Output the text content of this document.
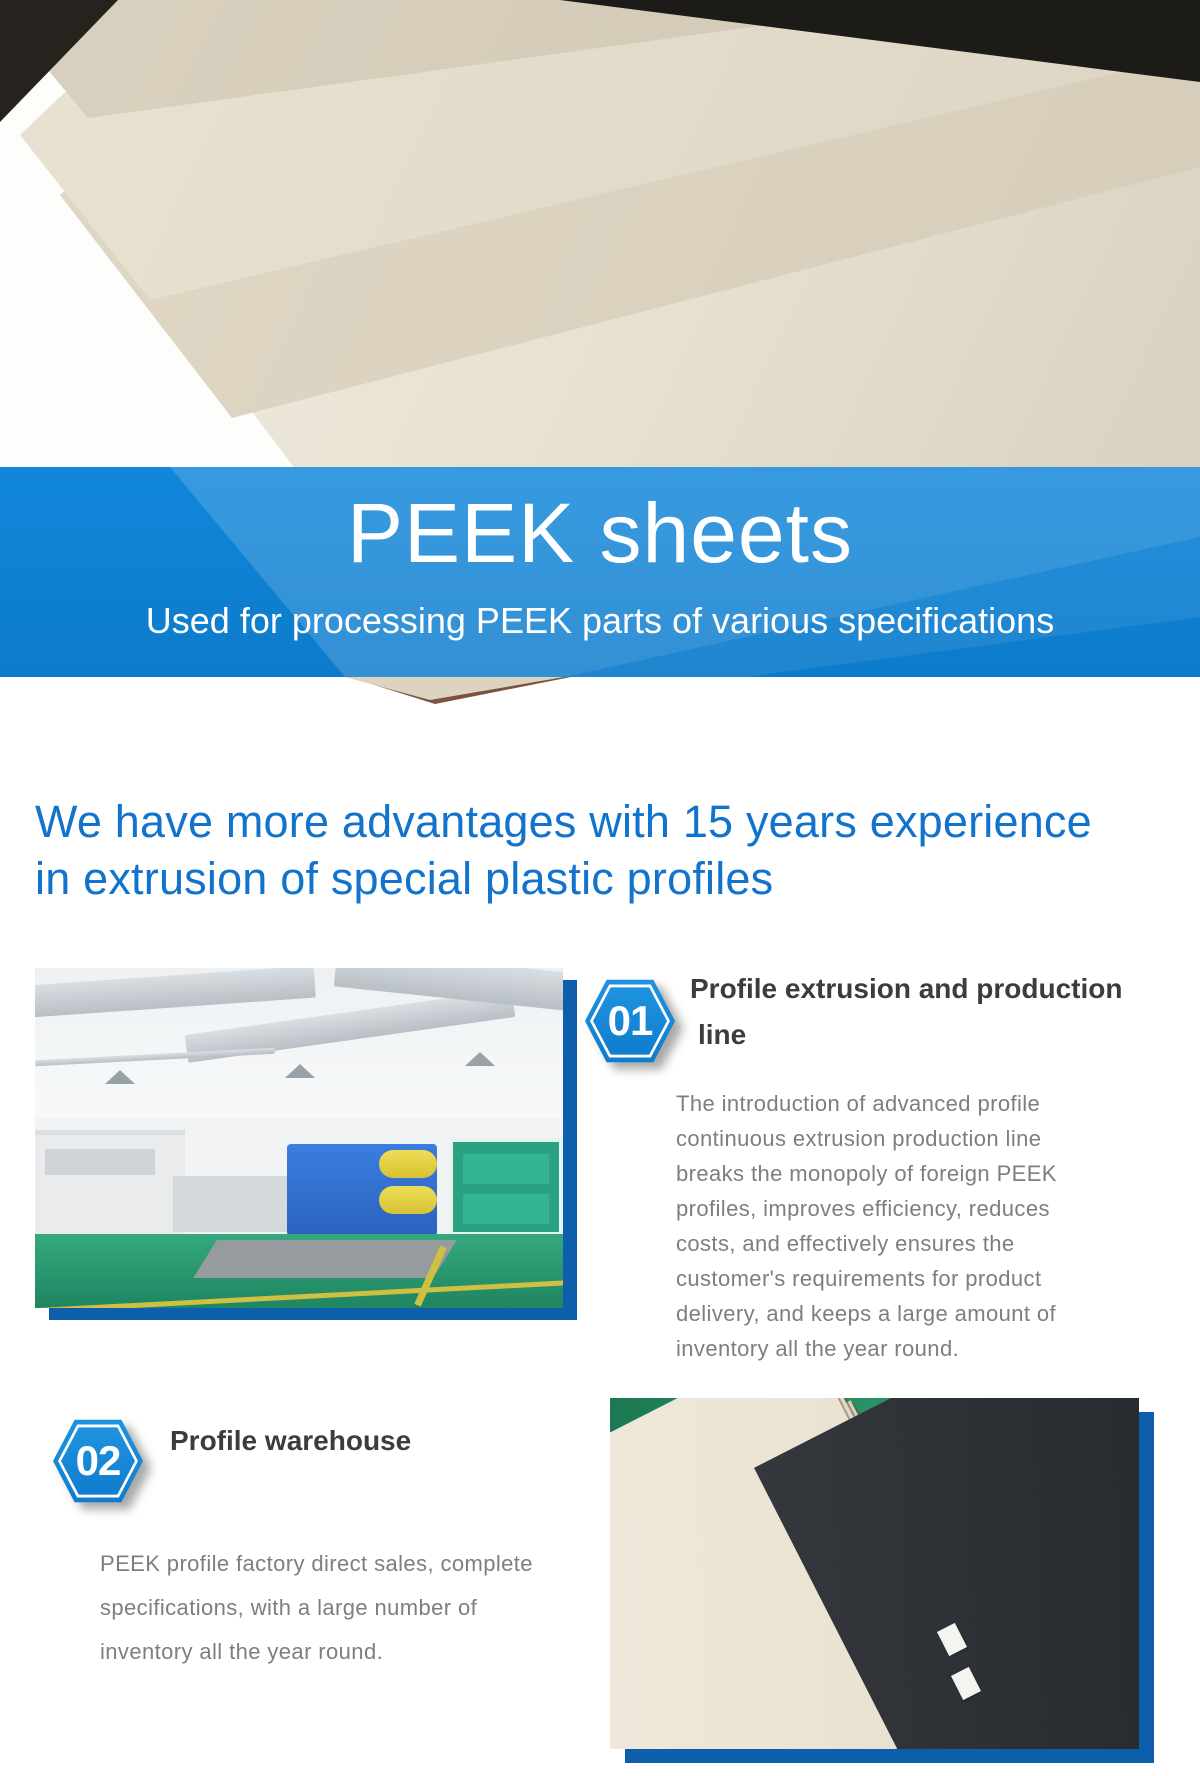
PEEK sheets
Used for processing PEEK parts of various specifications
We have more advantages with 15 years experience
in extrusion of special plastic profiles
01
Profile extrusion and production
line
The introduction of advanced profile continuous extrusion production line breaks the monopoly of foreign PEEK profiles, improves efficiency, reduces costs, and effectively ensures the customer's requirements for product delivery, and keeps a large amount of inventory all the year round.
02	Profile warehouse
PEEK profile factory direct sales, complete specifications, with a large number of inventory all the year round.
